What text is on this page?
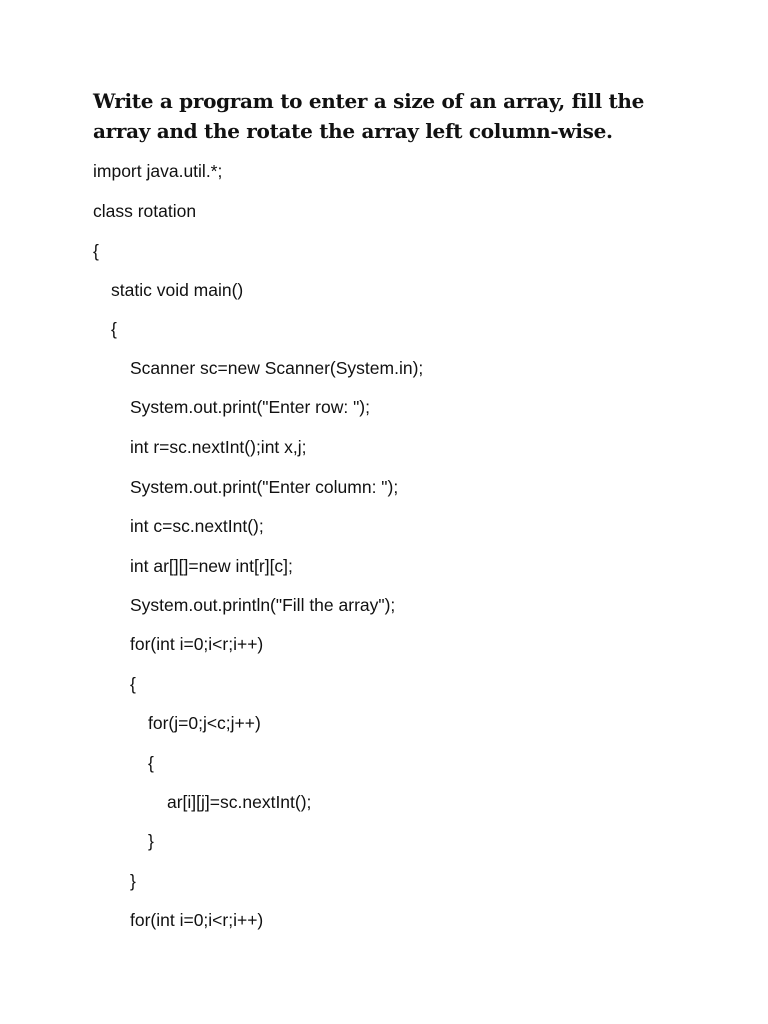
Write a program to enter a size of an array, fill the
array and the rotate the array left column-wise.

import java.util.*;

class rotation

{

static void main()

{

Scanner sc=new Scanner(System.in);

System.out.print("Enter row: ");

int r=sc.nextInt();int x,j;

System.out.print("Enter column: ");

int c=sc.nextInt();

int ar[][]=new int[r][c];

System.out.println("Fill the array");

for(int i=0;i<r;i++)

{

for(j=0;j<c;j++)

{

ar[i][j]=sc.nextInt();

}

}

for(int i=0;i<r;i++)
